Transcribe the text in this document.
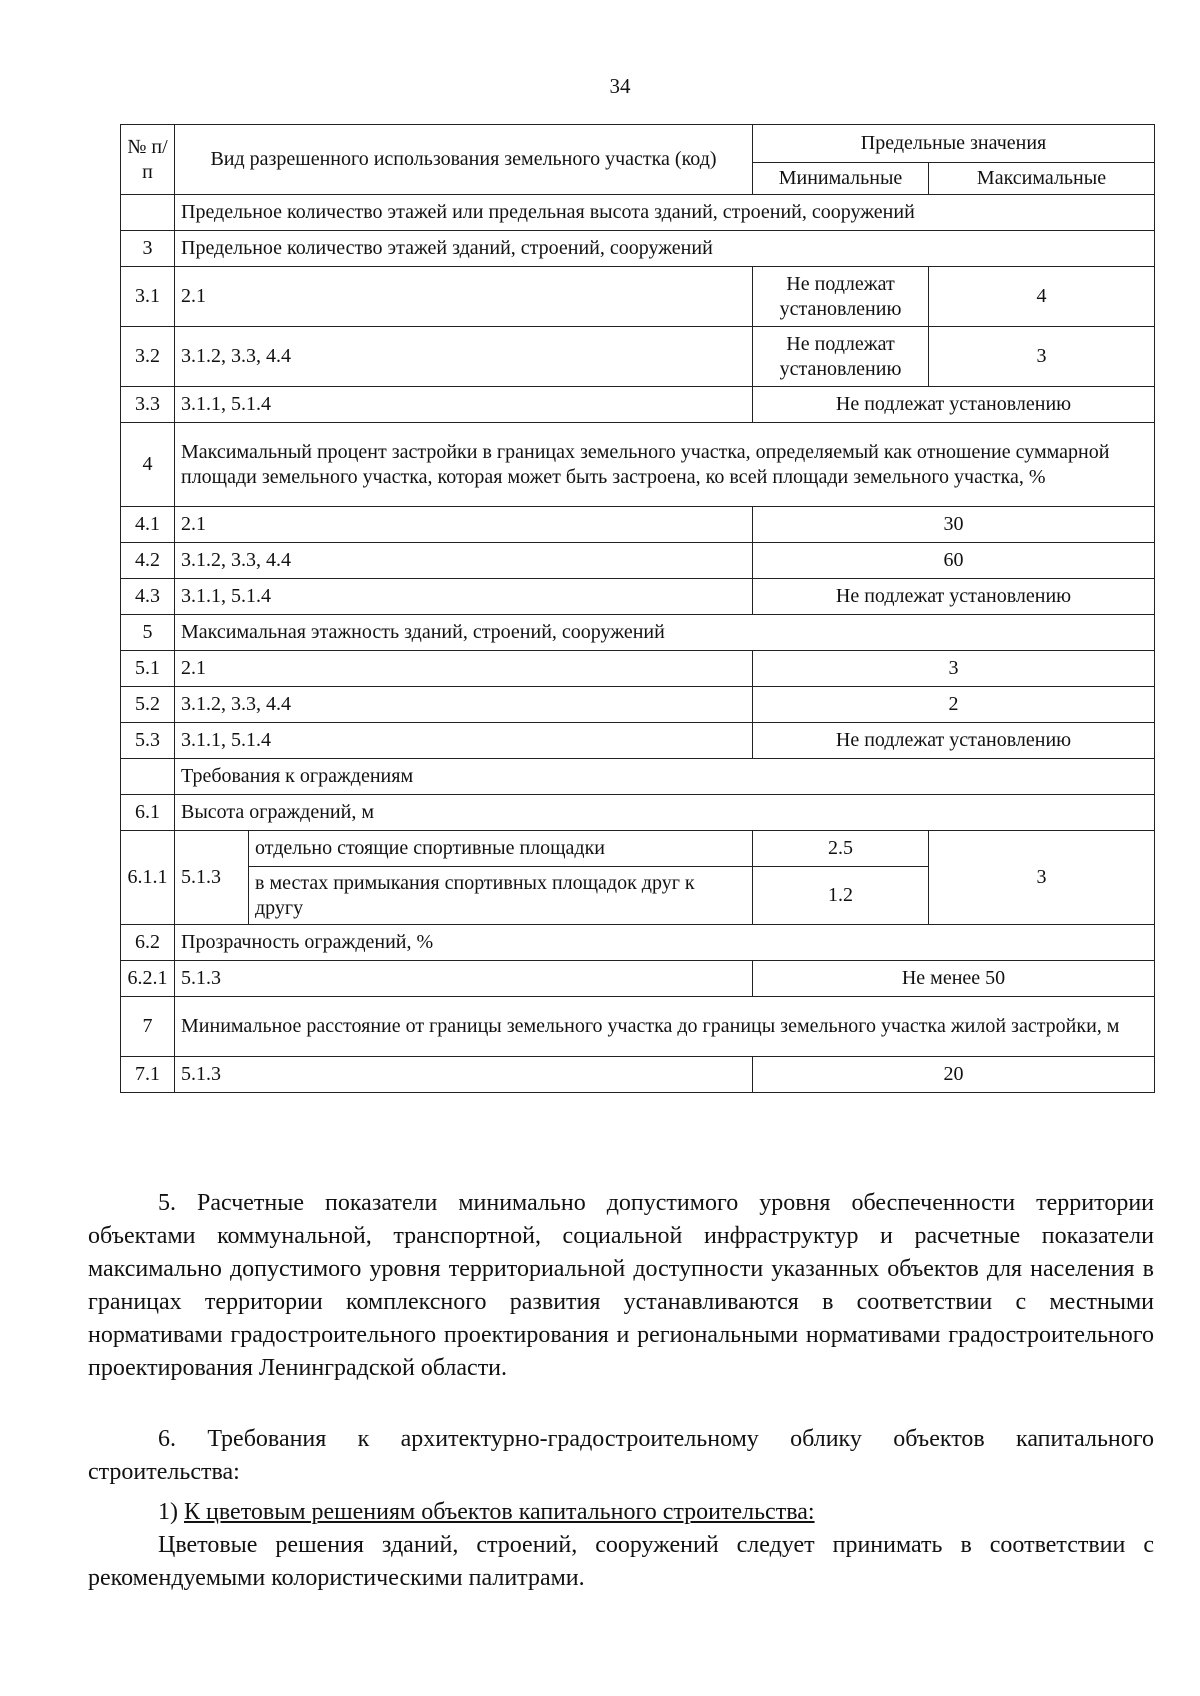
34
№ п/п	Вид разрешенного использования земельного участка (код)		Предельные значения	
			Минимальные	Максимальные
	Предельное количество этажей или предельная высота зданий, строений, сооружений			
3	Предельное количество этажей зданий, строений, сооружений			
3.1	2.1		Не подлежат установлению	4
3.2	3.1.2, 3.3, 4.4		Не подлежат установлению	3
3.3	3.1.1, 5.1.4		Не подлежат установлению	
4	Максимальный процент застройки в границах земельного участка, определяемый как отношение суммарной площади земельного участка, которая может быть застроена, ко всей площади земельного участка, %			
4.1	2.1		30	
4.2	3.1.2, 3.3, 4.4		60	
4.3	3.1.1, 5.1.4		Не подлежат установлению	
5	Максимальная этажность зданий, строений, сооружений			
5.1	2.1		3	
5.2	3.1.2, 3.3, 4.4		2	
5.3	3.1.1, 5.1.4		Не подлежат установлению	
	Требования к ограждениям			
6.1	Высота ограждений, м			
6.1.1	5.1.3	отдельно стоящие спортивные площадки	2.5	3
		в местах примыкания спортивных площадок друг к другу	1.2	
6.2	Прозрачность ограждений, %			
6.2.1	5.1.3		Не менее 50	
7	Минимальное расстояние от границы земельного участка до границы земельного участка жилой застройки, м			
7.1	5.1.3		20	

5. Расчетные показатели минимально допустимого уровня обеспеченности территории объектами коммунальной, транспортной, социальной инфраструктур и расчетные показатели максимально допустимого уровня территориальной доступности указанных объектов для населения в границах территории комплексного развития устанавливаются в соответствии с местными нормативами градостроительного проектирования и региональными нормативами градостроительного проектирования Ленинградской области.

6. Требования к архитектурно-градостроительному облику объектов капитального строительства:

1) К цветовым решениям объектов капитального строительства:

Цветовые решения зданий, строений, сооружений следует принимать в соответствии с рекомендуемыми колористическими палитрами.
